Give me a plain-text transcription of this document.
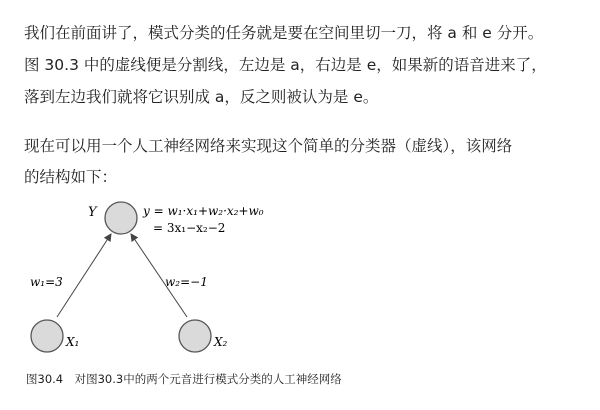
我们在前面讲了，模式分类的任务就是要在空间里切一刀，将 a 和 e 分开。
图 30.3 中的虚线便是分割线，左边是 a，右边是 e，如果新的语音进来了，
落到左边我们就将它识别成 a，反之则被认为是 e。
现在可以用一个人工神经网络来实现这个简单的分类器（虚线），该网络
的结构如下：
Y	y = w₁·x₁+w₂·x₂+w₀
= 3x₁−x₂−2
w₁=3	w₂=−1
X₁	X₂
图30.4　对图30.3中的两个元音进行模式分类的人工神经网络
